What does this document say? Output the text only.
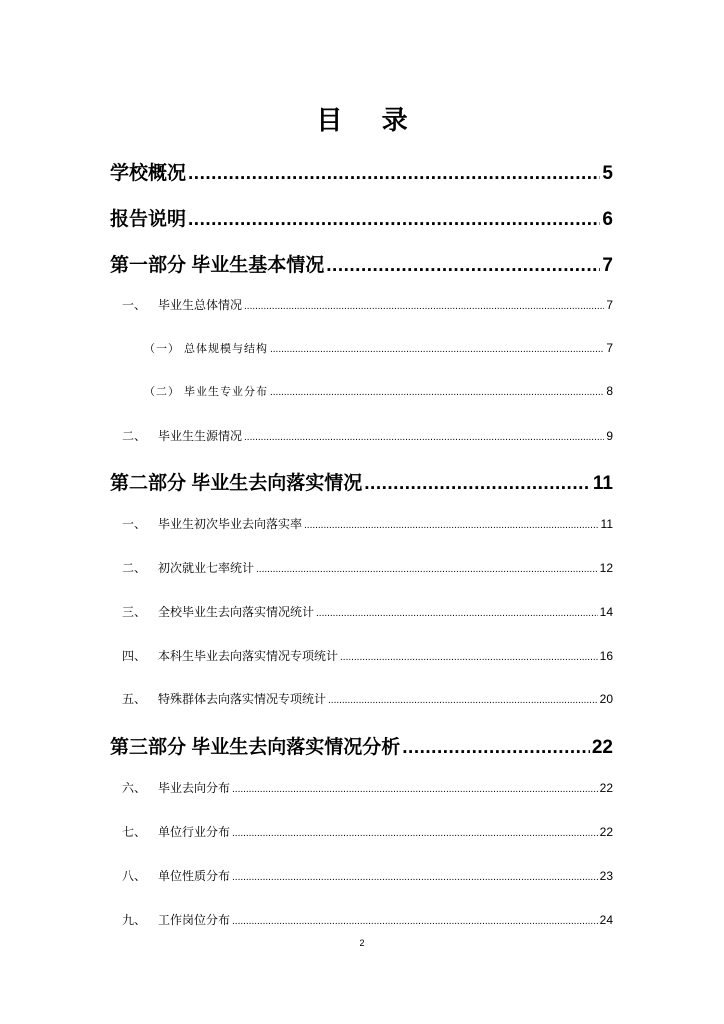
目 录
学校概况 .....	5
报告说明 .....	6
第一部分 毕业生基本情况 .....	7
一、 毕业生总体情况 .....	7
（一） 总体规模与结构 .....	7
（二） 毕业生专业分布 .....	8
二、 毕业生生源情况 .....	9
第二部分 毕业生去向落实情况 .....	11
一、 毕业生初次毕业去向落实率 .....	11
二、 初次就业七率统计 .....	12
三、 全校毕业生去向落实情况统计 .....	14
四、 本科生毕业去向落实情况专项统计 .....	16
五、 特殊群体去向落实情况专项统计 .....	20
第三部分 毕业生去向落实情况分析 .....	22
六、 毕业去向分布 .....	22
七、 单位行业分布 .....	22
八、 单位性质分布 .....	23
九、 工作岗位分布 .....	24
2
